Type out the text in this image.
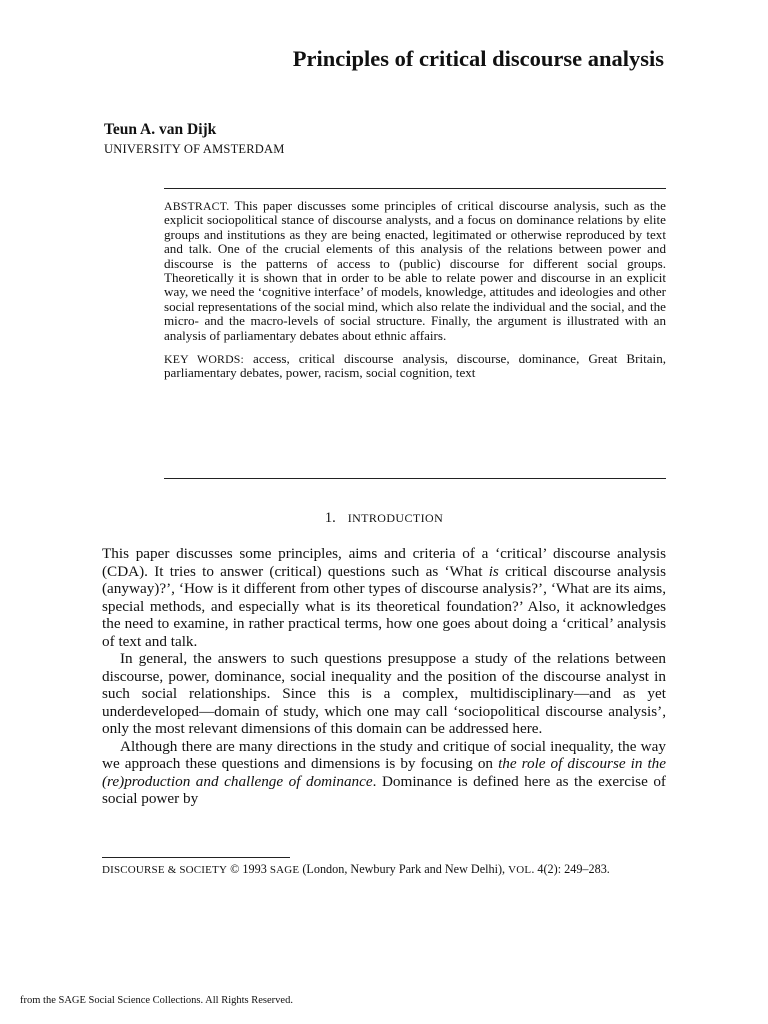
Principles of critical discourse analysis
Teun A. van Dijk
UNIVERSITY OF AMSTERDAM

ABSTRACT. This paper discusses some principles of critical discourse analysis, such as the explicit sociopolitical stance of discourse analysts, and a focus on dominance relations by elite groups and institutions as they are being enacted, legitimated or otherwise reproduced by text and talk. One of the crucial elements of this analysis of the relations between power and discourse is the patterns of access to (public) discourse for different social groups. Theoretically it is shown that in order to be able to relate power and discourse in an explicit way, we need the ‘cognitive interface’ of models, knowledge, attitudes and ideologies and other social representations of the social mind, which also relate the individual and the social, and the micro- and the macro-levels of social structure. Finally, the argument is illustrated with an analysis of parliamentary debates about ethnic affairs.

KEY WORDS: access, critical discourse analysis, discourse, dominance, Great Britain, parliamentary debates, power, racism, social cognition, text

1. INTRODUCTION

This paper discusses some principles, aims and criteria of a ‘critical’ discourse analysis (CDA). It tries to answer (critical) questions such as ‘What is critical discourse analysis (anyway)?’, ‘How is it different from other types of discourse analysis?’, ‘What are its aims, special methods, and especially what is its theoretical foundation?’ Also, it acknowledges the need to examine, in rather practical terms, how one goes about doing a ‘critical’ analysis of text and talk.

In general, the answers to such questions presuppose a study of the relations between discourse, power, dominance, social inequality and the position of the discourse analyst in such social relationships. Since this is a complex, multidisciplinary—and as yet underdeveloped—domain of study, which one may call ‘sociopolitical discourse analysis’, only the most relevant dimensions of this domain can be addressed here.

Although there are many directions in the study and critique of social inequality, the way we approach these questions and dimensions is by focusing on the role of discourse in the (re)production and challenge of dominance. Dominance is defined here as the exercise of social power by

DISCOURSE & SOCIETY © 1993 SAGE (London, Newbury Park and New Delhi), VOL. 4(2): 249–283.
from the SAGE Social Science Collections. All Rights Reserved.
